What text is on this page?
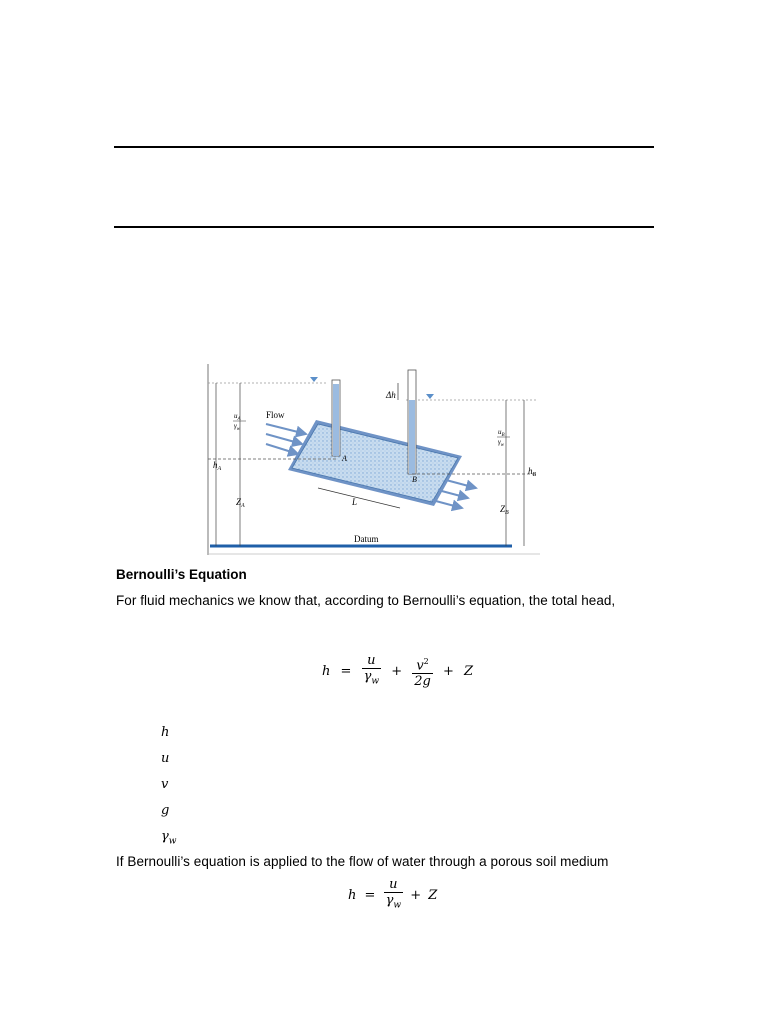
Datum
Δh
A
B
L
Flow
$h_A$
$Z_A$
$u_A$
$\gamma_w$
$h_B$
$Z_B$
$u_B$
$\gamma_w$
Bernoulli’s Equation
For fluid mechanics we know that, according to Bernoulli’s equation, the total head,
$h = \frac{u}{\gamma_w} + \frac{v^2}{2g} + Z$
h
u
v
g
$\gamma_w$
If Bernoulli’s equation is applied to the flow of water through a porous soil medium
$h = \frac{u}{\gamma_w} + Z$
